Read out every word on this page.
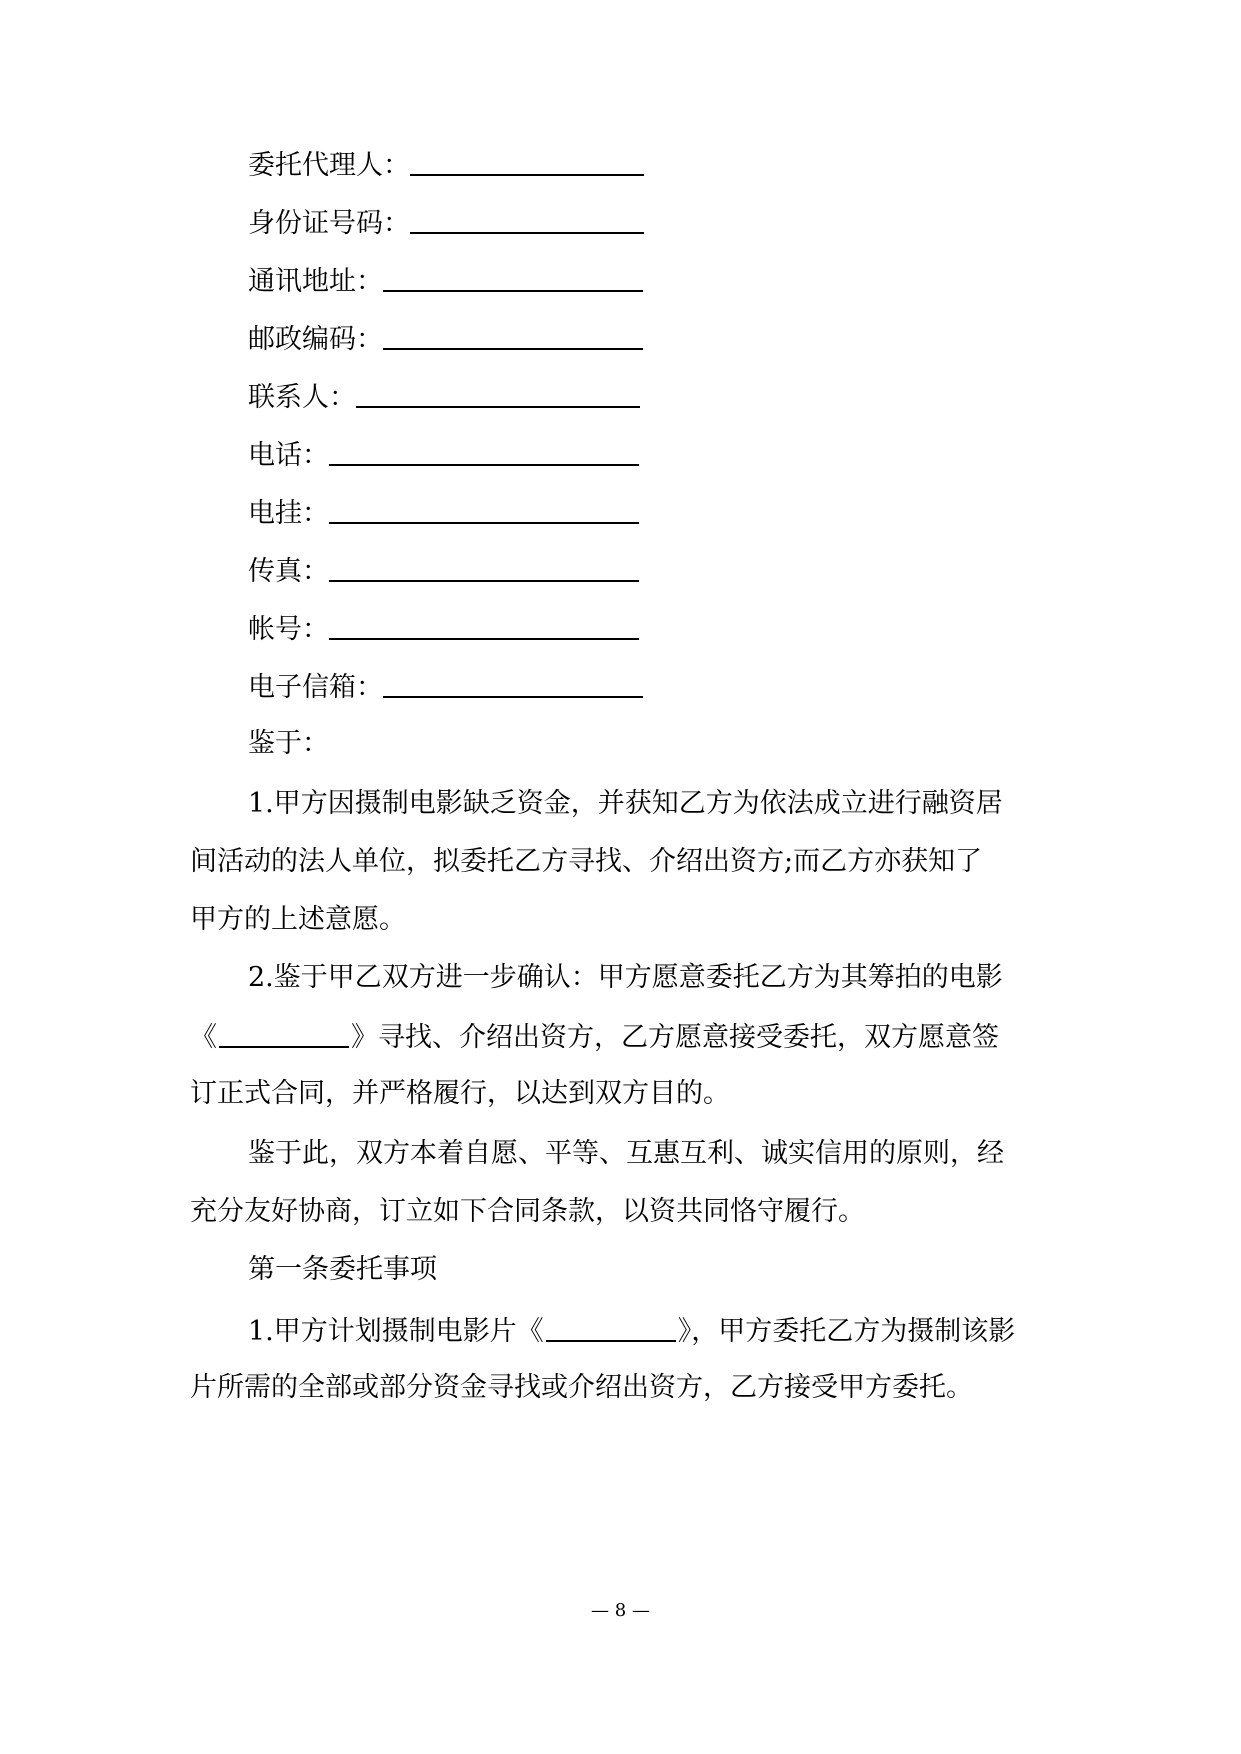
委托代理人：
身份证号码：
通讯地址：
邮政编码：
联系人：
电话：
电挂：
传真：
帐号：
电子信箱：
鉴于：
1.甲方因摄制电影缺乏资金，并获知乙方为依法成立进行融资居
间活动的法人单位，拟委托乙方寻找、介绍出资方;而乙方亦获知了
甲方的上述意愿。
2.鉴于甲乙双方进一步确认：甲方愿意委托乙方为其筹拍的电影
《	》寻找、介绍出资方，乙方愿意接受委托，双方愿意签
订正式合同，并严格履行，以达到双方目的。
鉴于此，双方本着自愿、平等、互惠互利、诚实信用的原则，经
充分友好协商，订立如下合同条款，以资共同恪守履行。
第一条委托事项
1.甲方计划摄制电影片《	》，甲方委托乙方为摄制该影
片所需的全部或部分资金寻找或介绍出资方，乙方接受甲方委托。
— 8 —
